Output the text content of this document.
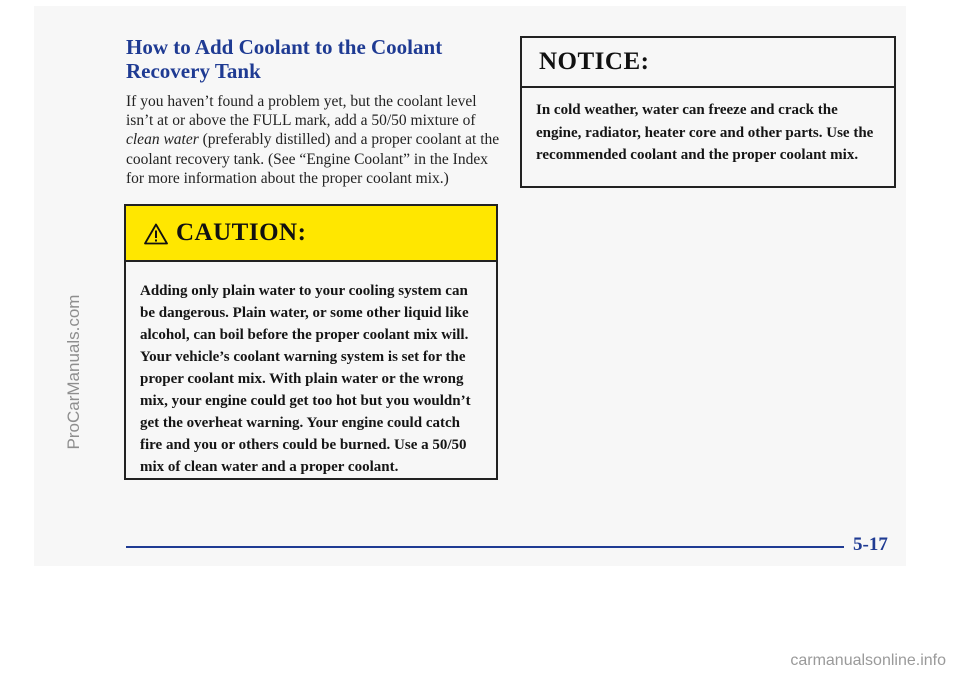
ProCarManuals.com
How to Add Coolant to the Coolant Recovery Tank

If you haven’t found a problem yet, but the coolant level isn’t at or above the FULL mark, add a 50/50 mixture of clean water (preferably distilled) and a proper coolant at the coolant recovery tank. (See “Engine Coolant” in the Index for more information about the proper coolant mix.)

CAUTION:

Adding only plain water to your cooling system can be dangerous. Plain water, or some other liquid like alcohol, can boil before the proper coolant mix will. Your vehicle’s coolant warning system is set for the proper coolant mix. With plain water or the wrong mix, your engine could get too hot but you wouldn’t get the overheat warning. Your engine could catch fire and you or others could be burned. Use a 50/50 mix of clean water and a proper coolant.

NOTICE:

In cold weather, water can freeze and crack the engine, radiator, heater core and other parts. Use the recommended coolant and the proper coolant mix.

5-17
carmanualsonline.info
